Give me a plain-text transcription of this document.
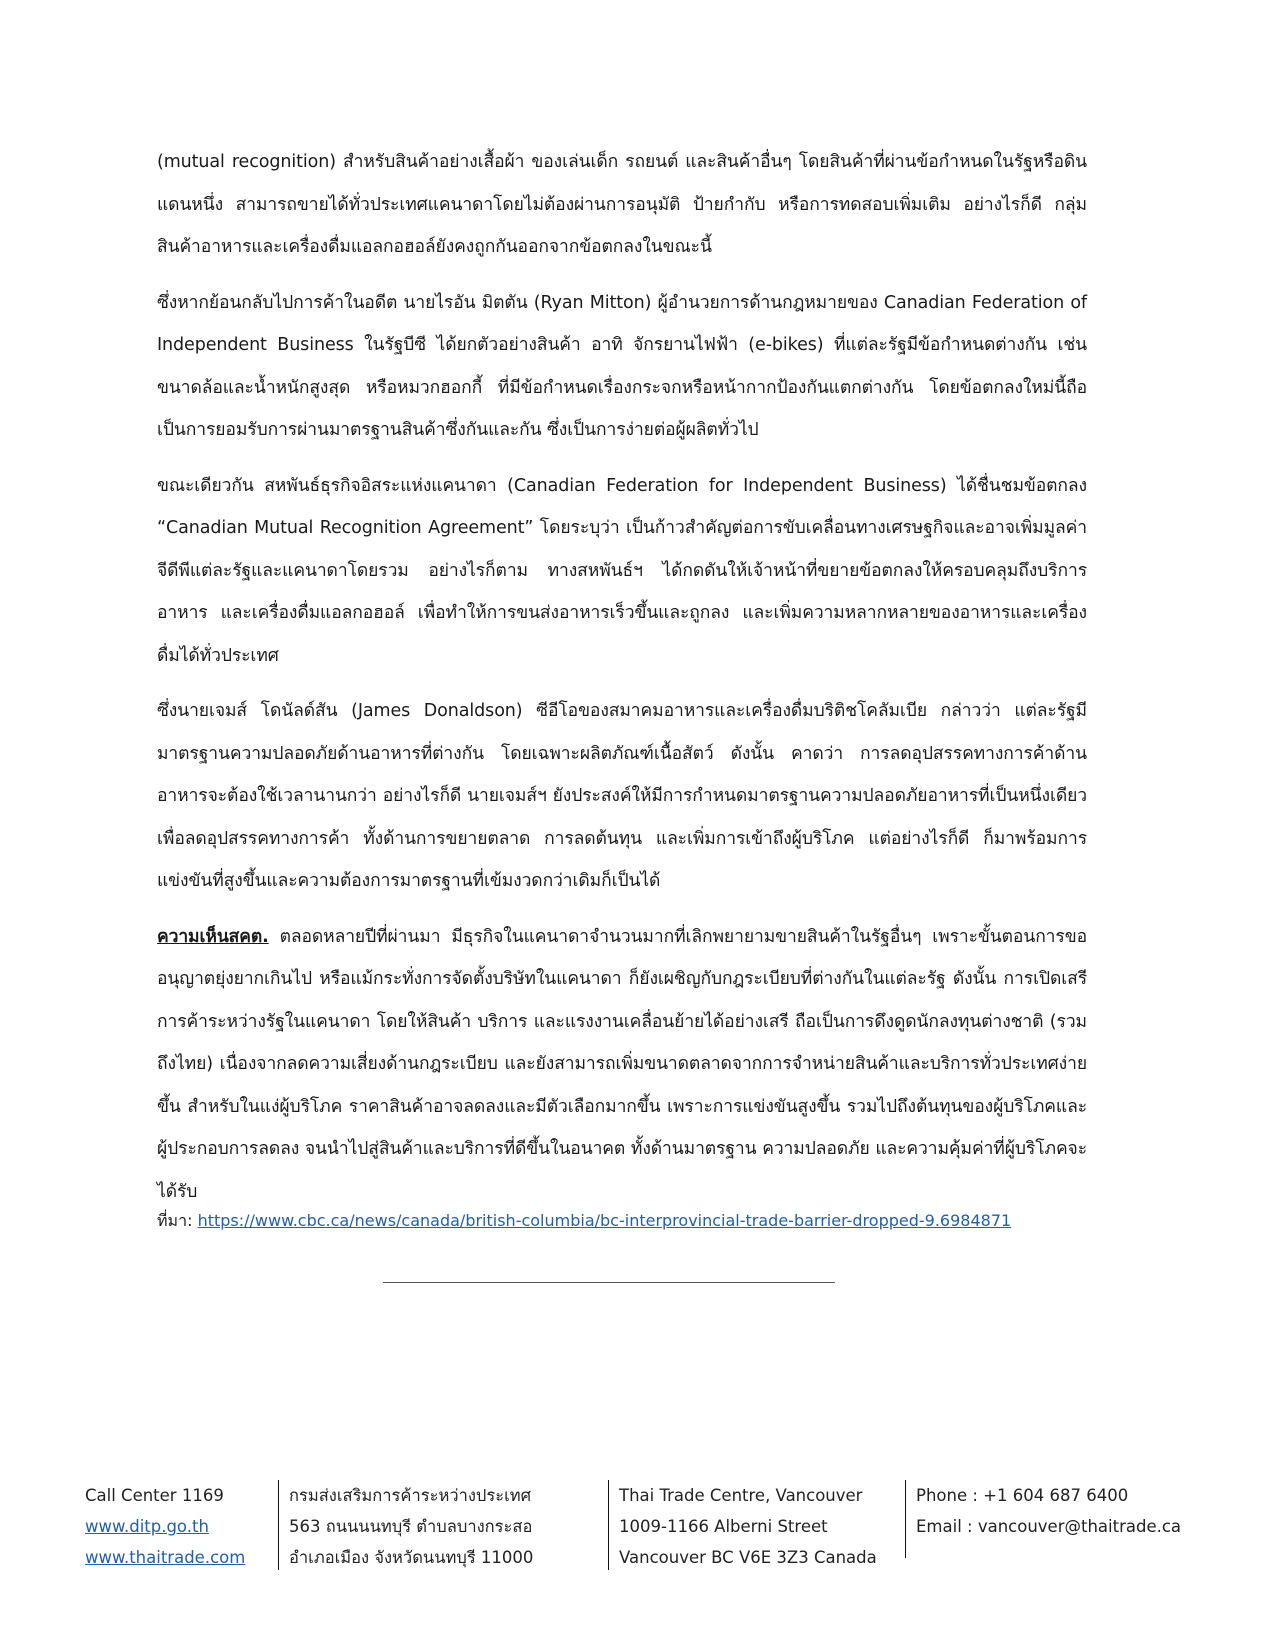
(mutual recognition) สำหรับสินค้าอย่างเสื้อผ้า ของเล่นเด็ก รถยนต์ และสินค้าอื่นๆ โดยสินค้าที่ผ่านข้อกำหนดในรัฐหรือดินแดนหนึ่ง สามารถขายได้ทั่วประเทศแคนาดาโดยไม่ต้องผ่านการอนุมัติ ป้ายกำกับ หรือการทดสอบเพิ่มเติม อย่างไรก็ดี กลุ่มสินค้าอาหารและเครื่องดื่มแอลกอฮอล์ยังคงถูกกันออกจากข้อตกลงในขณะนี้

ซึ่งหากย้อนกลับไปการค้าในอดีต นายไรอัน มิตตัน (Ryan Mitton) ผู้อำนวยการด้านกฎหมายของ Canadian Federation of Independent Business ในรัฐบีซี ได้ยกตัวอย่างสินค้า อาทิ จักรยานไฟฟ้า (e-bikes) ที่แต่ละรัฐมีข้อกำหนดต่างกัน เช่น ขนาดล้อและน้ำหนักสูงสุด หรือหมวกฮอกกี้ ที่มีข้อกำหนดเรื่องกระจกหรือหน้ากากป้องกันแตกต่างกัน โดยข้อตกลงใหม่นี้ถือเป็นการยอมรับการผ่านมาตรฐานสินค้าซึ่งกันและกัน ซึ่งเป็นการง่ายต่อผู้ผลิตทั่วไป

ขณะเดียวกัน สหพันธ์ธุรกิจอิสระแห่งแคนาดา (Canadian Federation for Independent Business) ได้ชื่นชมข้อตกลง “Canadian Mutual Recognition Agreement” โดยระบุว่า เป็นก้าวสำคัญต่อการขับเคลื่อนทางเศรษฐกิจและอาจเพิ่มมูลค่าจีดีพีแต่ละรัฐและแคนาดาโดยรวม อย่างไรก็ตาม ทางสหพันธ์ฯ ได้กดดันให้เจ้าหน้าที่ขยายข้อตกลงให้ครอบคลุมถึงบริการ อาหาร และเครื่องดื่มแอลกอฮอล์ เพื่อทำให้การขนส่งอาหารเร็วขึ้นและถูกลง และเพิ่มความหลากหลายของอาหารและเครื่องดื่มได้ทั่วประเทศ

ซึ่งนายเจมส์ โดนัลด์สัน (James Donaldson) ซีอีโอของสมาคมอาหารและเครื่องดื่มบริติชโคลัมเบีย กล่าวว่า แต่ละรัฐมีมาตรฐานความปลอดภัยด้านอาหารที่ต่างกัน โดยเฉพาะผลิตภัณฑ์เนื้อสัตว์ ดังนั้น คาดว่า การลดอุปสรรคทางการค้าด้านอาหารจะต้องใช้เวลานานกว่า อย่างไรก็ดี นายเจมส์ฯ ยังประสงค์ให้มีการกำหนดมาตรฐานความปลอดภัยอาหารที่เป็นหนึ่งเดียว เพื่อลดอุปสรรคทางการค้า ทั้งด้านการขยายตลาด การลดต้นทุน และเพิ่มการเข้าถึงผู้บริโภค แต่อย่างไรก็ดี ก็มาพร้อมการแข่งขันที่สูงขึ้นและความต้องการมาตรฐานที่เข้มงวดกว่าเดิมก็เป็นได้

ความเห็นสคต. ตลอดหลายปีที่ผ่านมา มีธุรกิจในแคนาดาจำนวนมากที่เลิกพยายามขายสินค้าในรัฐอื่นๆ เพราะขั้นตอนการขออนุญาตยุ่งยากเกินไป หรือแม้กระทั่งการจัดตั้งบริษัทในแคนาดา ก็ยังเผชิญกับกฎระเบียบที่ต่างกันในแต่ละรัฐ ดังนั้น การเปิดเสรีการค้าระหว่างรัฐในแคนาดา โดยให้สินค้า บริการ และแรงงานเคลื่อนย้ายได้อย่างเสรี ถือเป็นการดึงดูดนักลงทุนต่างชาติ (รวมถึงไทย) เนื่องจากลดความเสี่ยงด้านกฎระเบียบ และยังสามารถเพิ่มขนาดตลาดจากการจำหน่ายสินค้าและบริการทั่วประเทศง่ายขึ้น สำหรับในแง่ผู้บริโภค ราคาสินค้าอาจลดลงและมีตัวเลือกมากขึ้น เพราะการแข่งขันสูงขึ้น รวมไปถึงต้นทุนของผู้บริโภคและผู้ประกอบการลดลง จนนำไปสู่สินค้าและบริการที่ดีขึ้นในอนาคต ทั้งด้านมาตรฐาน ความปลอดภัย และความคุ้มค่าที่ผู้บริโภคจะได้รับ

ที่มา: https://www.cbc.ca/news/canada/british-columbia/bc-interprovincial-trade-barrier-dropped-9.6984871
Call Center 1169
www.ditp.go.th
www.thaitrade.com
กรมส่งเสริมการค้าระหว่างประเทศ
563 ถนนนนทบุรี ตำบลบางกระสอ
อำเภอเมือง จังหวัดนนทบุรี 11000
Thai Trade Centre, Vancouver
1009-1166 Alberni Street
Vancouver BC V6E 3Z3 Canada
Phone : +1 604 687 6400
Email : vancouver@thaitrade.ca
